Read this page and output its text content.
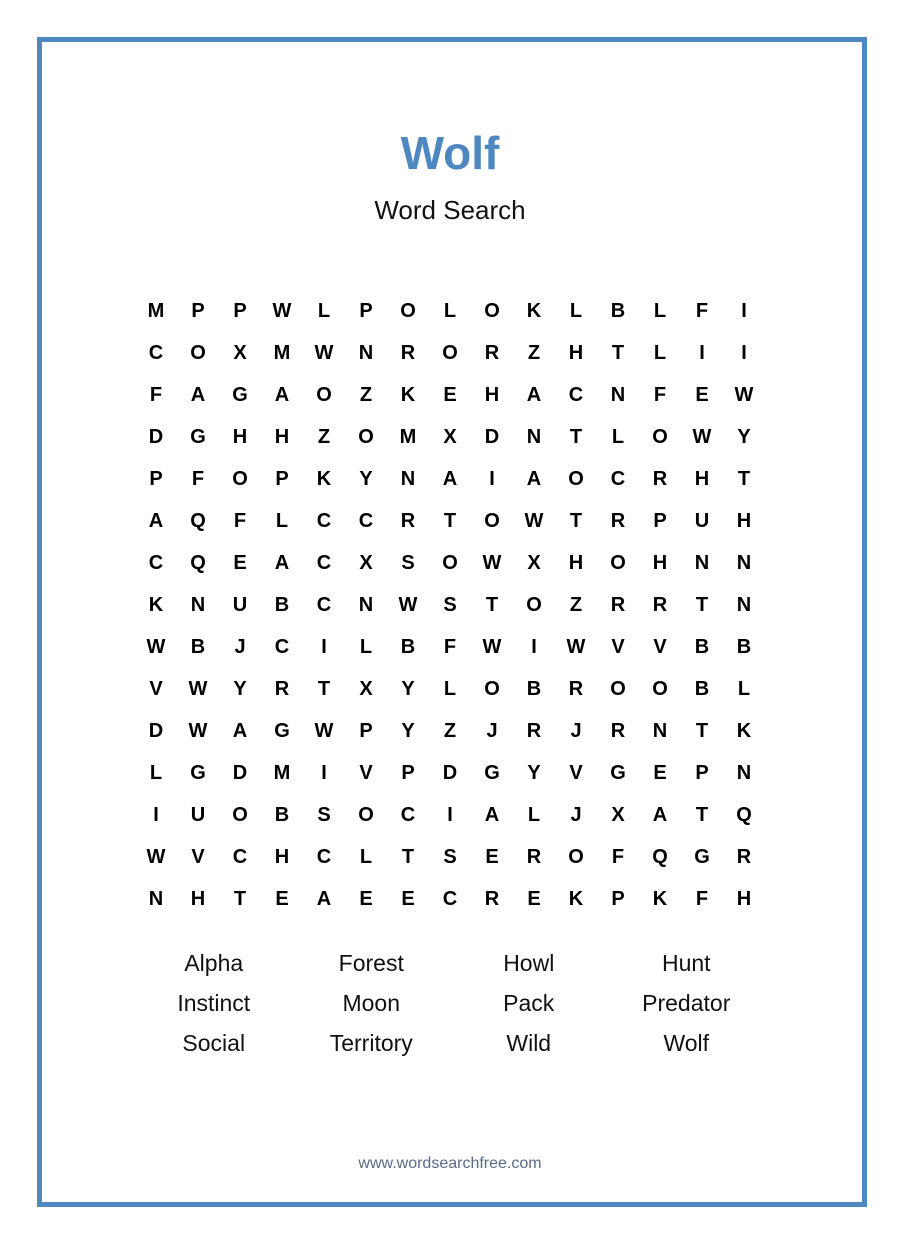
Wolf
Word Search
M	P	P	W	L	P	O	L	O	K	L	B	L	F	I
C	O	X	M	W	N	R	O	R	Z	H	T	L	I	I
F	A	G	A	O	Z	K	E	H	A	C	N	F	E	W
D	G	H	H	Z	O	M	X	D	N	T	L	O	W	Y
P	F	O	P	K	Y	N	A	I	A	O	C	R	H	T
A	Q	F	L	C	C	R	T	O	W	T	R	P	U	H
C	Q	E	A	C	X	S	O	W	X	H	O	H	N	N
K	N	U	B	C	N	W	S	T	O	Z	R	R	T	N
W	B	J	C	I	L	B	F	W	I	W	V	V	B	B
V	W	Y	R	T	X	Y	L	O	B	R	O	O	B	L
D	W	A	G	W	P	Y	Z	J	R	J	R	N	T	K
L	G	D	M	I	V	P	D	G	Y	V	G	E	P	N
I	U	O	B	S	O	C	I	A	L	J	X	A	T	Q
W	V	C	H	C	L	T	S	E	R	O	F	Q	G	R
N	H	T	E	A	E	E	C	R	E	K	P	K	F	H
Alpha	Forest	Howl	Hunt
Instinct	Moon	Pack	Predator
Social	Territory	Wild	Wolf
www.wordsearchfree.com
